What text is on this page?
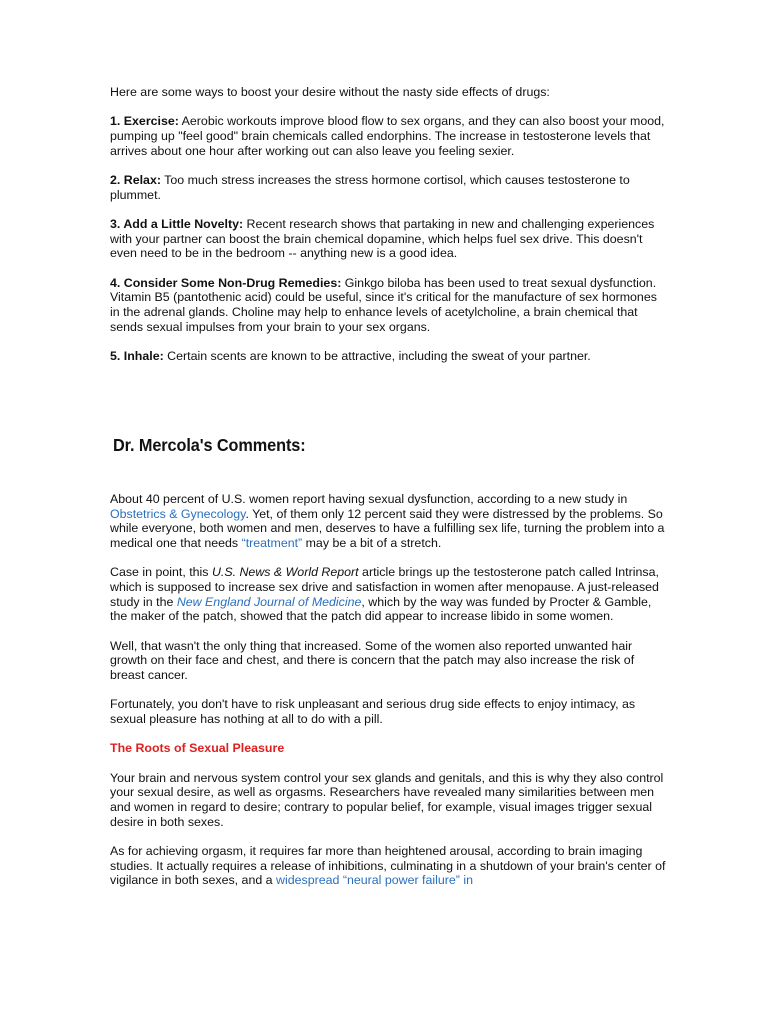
Here are some ways to boost your desire without the nasty side effects of drugs:

1. Exercise: Aerobic workouts improve blood flow to sex organs, and they can also boost your mood, pumping up "feel good" brain chemicals called endorphins. The increase in testosterone levels that arrives about one hour after working out can also leave you feeling sexier.

2. Relax: Too much stress increases the stress hormone cortisol, which causes testosterone to plummet.

3. Add a Little Novelty: Recent research shows that partaking in new and challenging experiences with your partner can boost the brain chemical dopamine, which helps fuel sex drive. This doesn't even need to be in the bedroom -- anything new is a good idea.

4. Consider Some Non-Drug Remedies: Ginkgo biloba has been used to treat sexual dysfunction. Vitamin B5 (pantothenic acid) could be useful, since it's critical for the manufacture of sex hormones in the adrenal glands. Choline may help to enhance levels of acetylcholine, a brain chemical that sends sexual impulses from your brain to your sex organs.

5. Inhale: Certain scents are known to be attractive, including the sweat of your partner.

Dr. Mercola's Comments:

About 40 percent of U.S. women report having sexual dysfunction, according to a new study in Obstetrics & Gynecology. Yet, of them only 12 percent said they were distressed by the problems. So while everyone, both women and men, deserves to have a fulfilling sex life, turning the problem into a medical one that needs “treatment” may be a bit of a stretch.

Case in point, this U.S. News & World Report article brings up the testosterone patch called Intrinsa, which is supposed to increase sex drive and satisfaction in women after menopause. A just-released study in the New England Journal of Medicine, which by the way was funded by Procter & Gamble, the maker of the patch, showed that the patch did appear to increase libido in some women.

Well, that wasn't the only thing that increased. Some of the women also reported unwanted hair growth on their face and chest, and there is concern that the patch may also increase the risk of breast cancer.

Fortunately, you don't have to risk unpleasant and serious drug side effects to enjoy intimacy, as sexual pleasure has nothing at all to do with a pill.

The Roots of Sexual Pleasure

Your brain and nervous system control your sex glands and genitals, and this is why they also control your sexual desire, as well as orgasms. Researchers have revealed many similarities between men and women in regard to desire; contrary to popular belief, for example, visual images trigger sexual desire in both sexes.

As for achieving orgasm, it requires far more than heightened arousal, according to brain imaging studies. It actually requires a release of inhibitions, culminating in a shutdown of your brain's center of vigilance in both sexes, and a widespread “neural power failure” in
